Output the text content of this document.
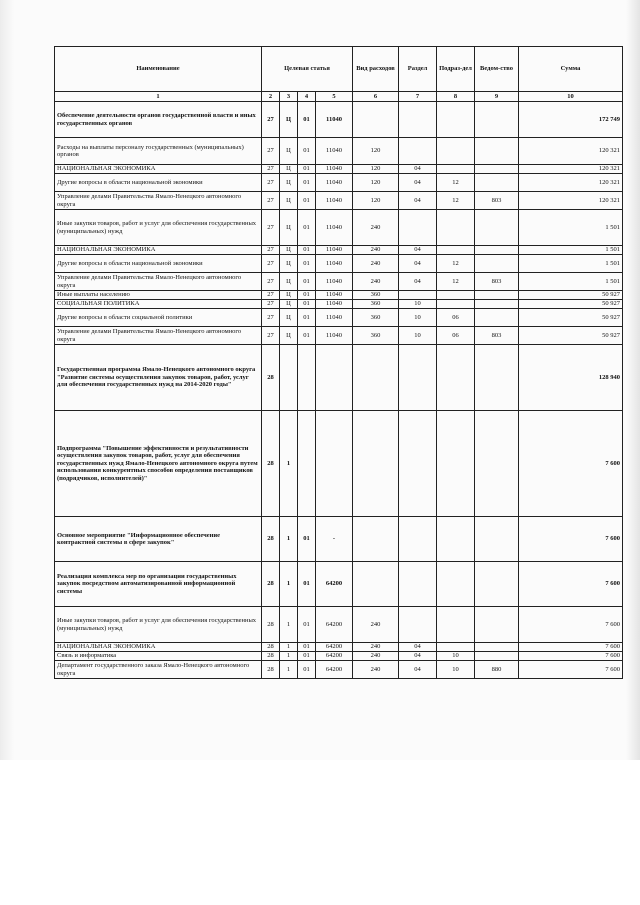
Наименование	Целевая статья				Вид расходов	Раздел	Подраз-дел	Ведом-ство	Сумма
1	2	3	4	5	6	7	8	9	10
Обеспечение деятельности органов государственной власти и иных государственных органов	27	Ц	01	11040					172 749
Расходы на выплаты персоналу государственных (муниципальных) органов	27	Ц	01	11040	120				120 321
НАЦИОНАЛЬНАЯ ЭКОНОМИКА	27	Ц	01	11040	120	04			120 321
Другие вопросы в области национальной экономики	27	Ц	01	11040	120	04	12		120 321
Управление делами Правительства Ямало-Ненецкого автономного округа	27	Ц	01	11040	120	04	12	803	120 321
Иные закупки товаров, работ и услуг для обеспечения государственных (муниципальных) нужд	27	Ц	01	11040	240				1 501
НАЦИОНАЛЬНАЯ ЭКОНОМИКА	27	Ц	01	11040	240	04			1 501
Другие вопросы в области национальной экономики	27	Ц	01	11040	240	04	12		1 501
Управление делами Правительства Ямало-Ненецкого автономного округа	27	Ц	01	11040	240	04	12	803	1 501
Иные выплаты населению	27	Ц	01	11040	360				50 927
СОЦИАЛЬНАЯ ПОЛИТИКА	27	Ц	01	11040	360	10			50 927
Другие вопросы в области социальной политики	27	Ц	01	11040	360	10	06		50 927
Управление делами Правительства Ямало-Ненецкого автономного округа	27	Ц	01	11040	360	10	06	803	50 927
Государственная программа Ямало-Ненецкого автономного округа "Развитие системы осуществления закупок товаров, работ, услуг для обеспечения государственных нужд на 2014-2020 годы"	28								128 940
Подпрограмма "Повышение эффективности и результативности осуществления закупок товаров, работ, услуг для обеспечения государственных нужд Ямало-Ненецкого автономного округа путем использования конкурентных способов определения поставщиков (подрядчиков, исполнителей)"	28	1							7 600
Основное мероприятие "Информационное обеспечение контрактной системы в сфере закупок"	28	1	01	-					7 600
Реализация комплекса мер по организации государственных закупок посредством автоматизированной информационной системы	28	1	01	64200					7 600
Иные закупки товаров, работ и услуг для обеспечения государственных (муниципальных) нужд	28	1	01	64200	240				7 600
НАЦИОНАЛЬНАЯ ЭКОНОМИКА	28	1	01	64200	240	04			7 600
Связь и информатика	28	1	01	64200	240	04	10		7 600
Департамент государственного заказа Ямало-Ненецкого автономного округа	28	1	01	64200	240	04	10	880	7 600
